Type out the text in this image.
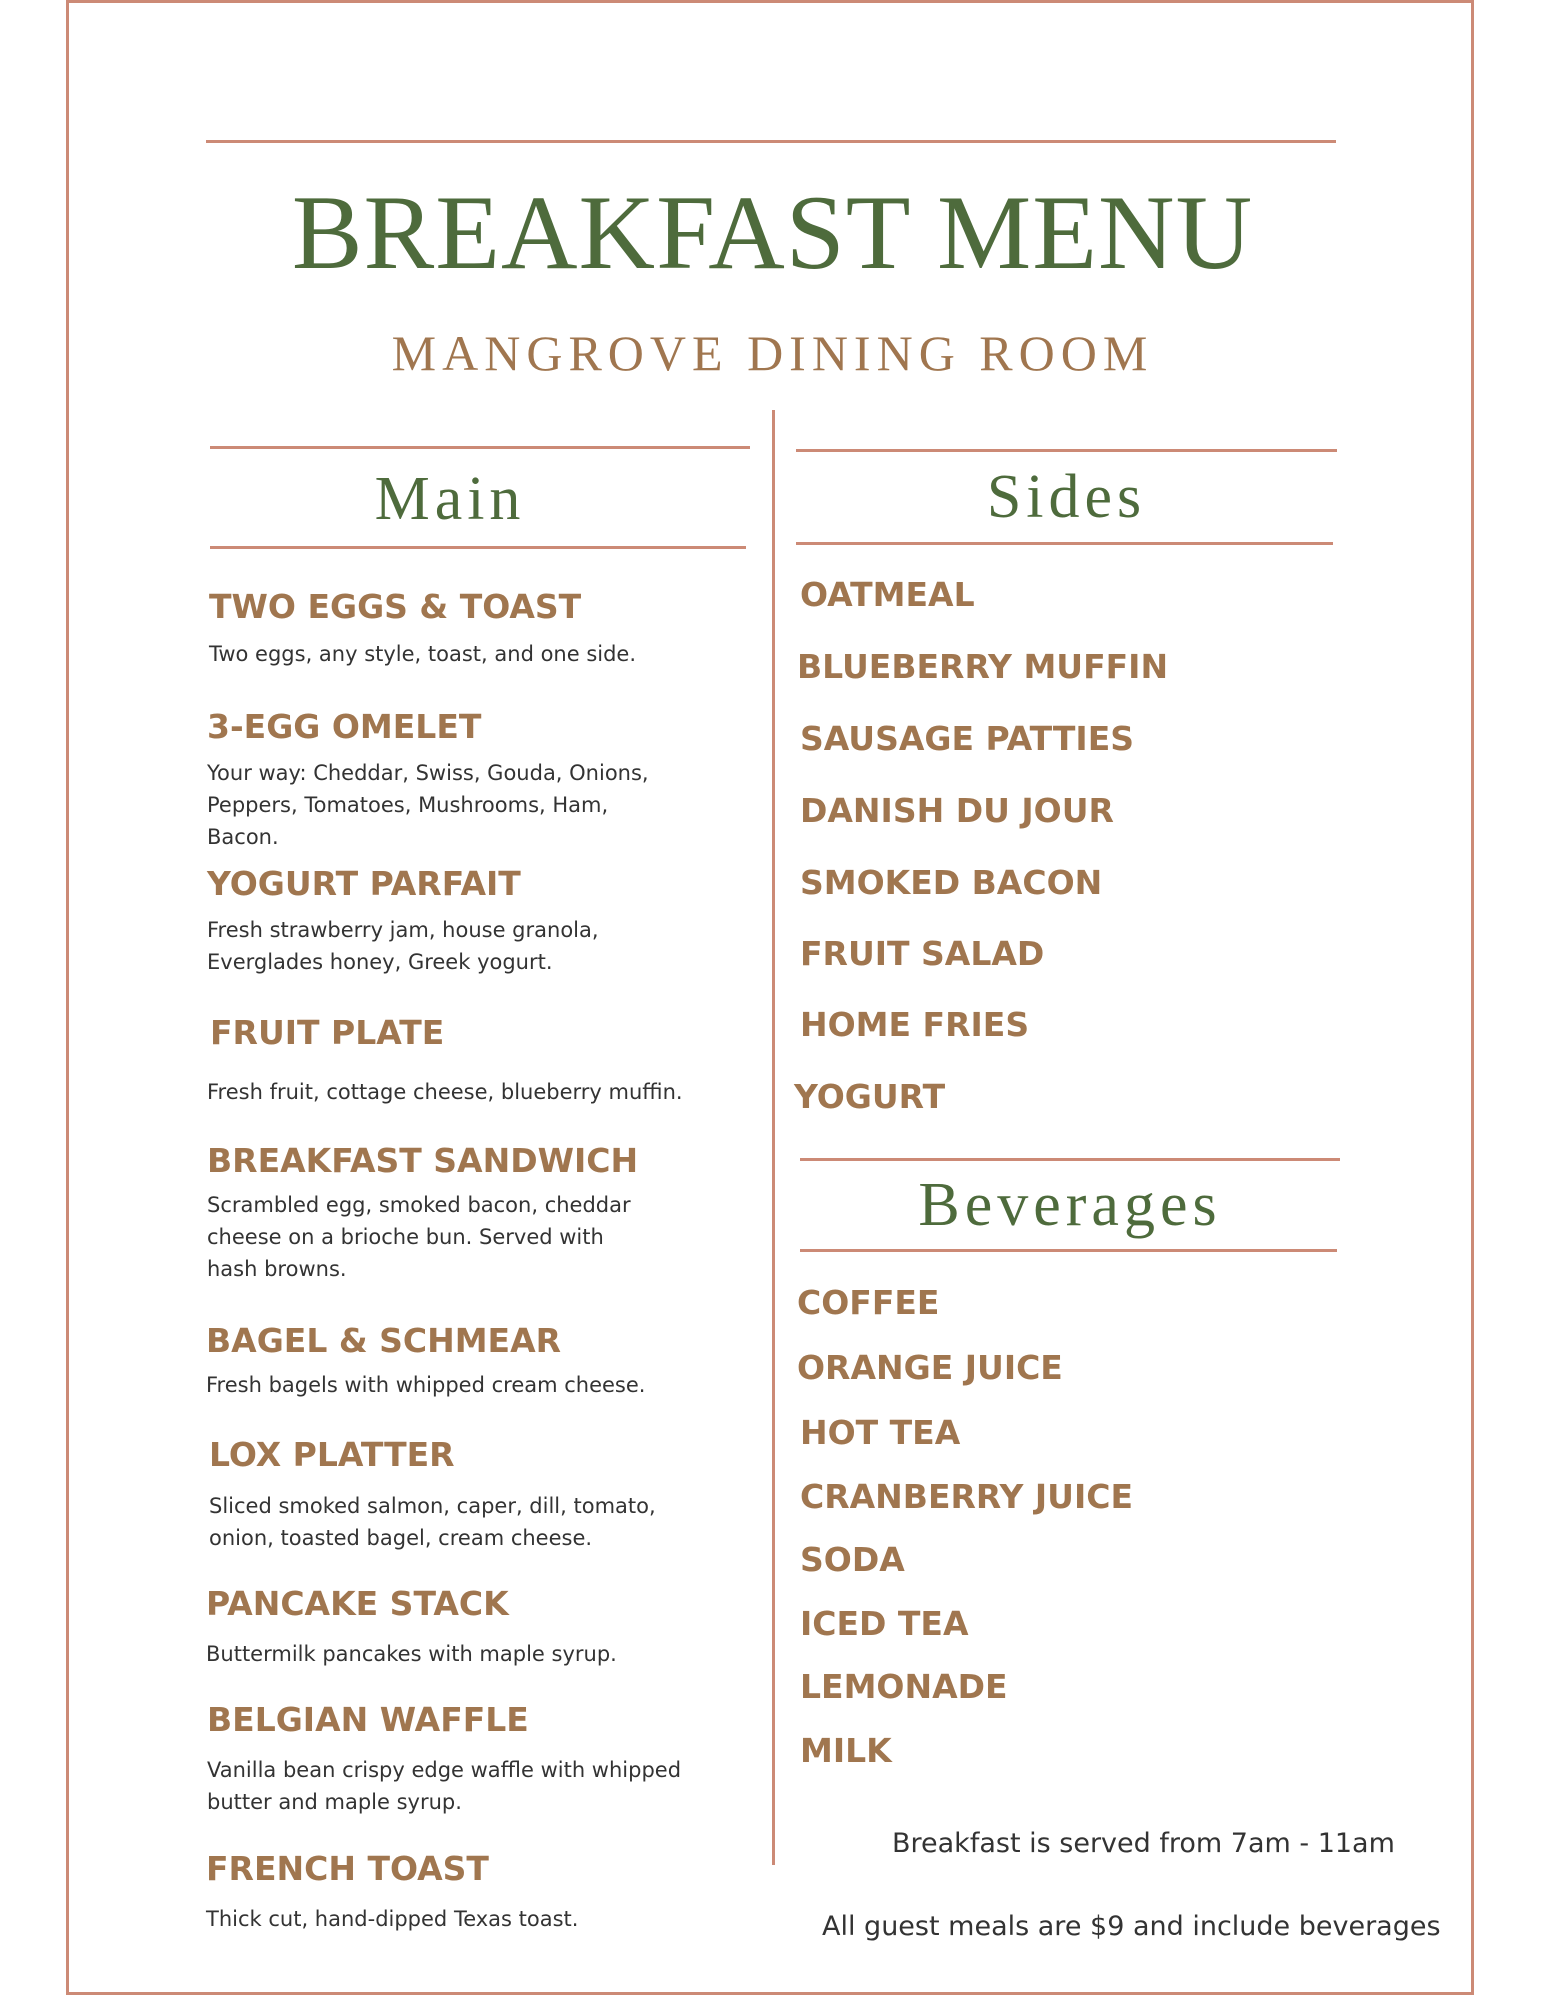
BREAKFAST MENU
MANGROVE DINING ROOM
Main
TWO EGGS & TOAST
Two eggs, any style, toast, and one side.
3-EGG OMELET
Your way: Cheddar, Swiss, Gouda, Onions, Peppers, Tomatoes, Mushrooms, Ham, Bacon.
YOGURT PARFAIT
Fresh strawberry jam, house granola, Everglades honey, Greek yogurt.
FRUIT PLATE
Fresh fruit, cottage cheese, blueberry muffin.
BREAKFAST SANDWICH
Scrambled egg, smoked bacon, cheddar cheese on a brioche bun. Served with hash browns.
BAGEL & SCHMEAR
Fresh bagels with whipped cream cheese.
LOX PLATTER
Sliced smoked salmon, caper, dill, tomato, onion, toasted bagel, cream cheese.
PANCAKE STACK
Buttermilk pancakes with maple syrup.
BELGIAN WAFFLE
Vanilla bean crispy edge waffle with whipped butter and maple syrup.
FRENCH TOAST
Thick cut, hand-dipped Texas toast.
Sides
OATMEAL
BLUEBERRY MUFFIN
SAUSAGE PATTIES
DANISH DU JOUR
SMOKED BACON
FRUIT SALAD
HOME FRIES
YOGURT
Beverages
COFFEE
ORANGE JUICE
HOT TEA
CRANBERRY JUICE
SODA
ICED TEA
LEMONADE
MILK
Breakfast is served from 7am - 11am
All guest meals are $9 and include beverages
